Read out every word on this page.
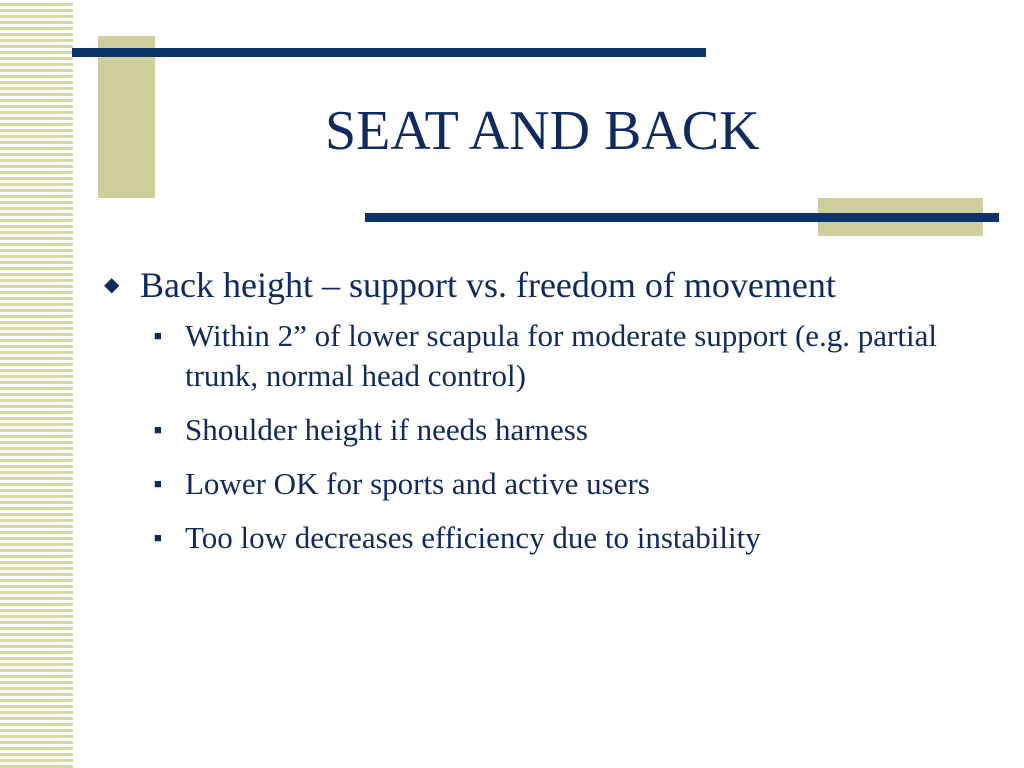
SEAT AND BACK
◆ Back height – support vs. freedom of movement
■ Within 2” of lower scapula for moderate support (e.g. partial trunk, normal head control)
■ Shoulder height if needs harness
■ Lower OK for sports and active users
■ Too low decreases efficiency due to instability
